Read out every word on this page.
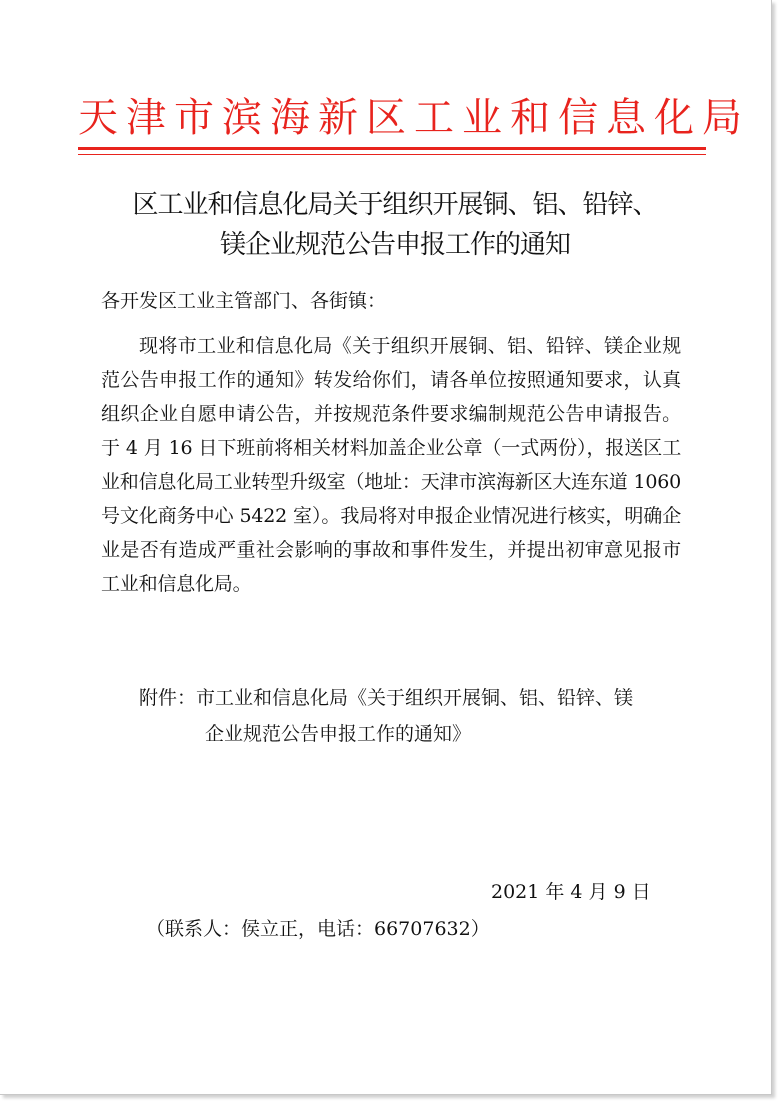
天津市滨海新区工业和信息化局
区工业和信息化局关于组织开展铜、铝、铅锌、
镁企业规范公告申报工作的通知
各开发区工业主管部门、各街镇：
现将市工业和信息化局《关于组织开展铜、铝、铅锌、镁企业规范公告申报工作的通知》转发给你们，请各单位按照通知要求，认真组织企业自愿申请公告，并按规范条件要求编制规范公告申请报告。于 4 月 16 日下班前将相关材料加盖企业公章（一式两份），报送区工业和信息化局工业转型升级室（地址：天津市滨海新区大连东道 1060 号文化商务中心 5422 室）。我局将对申报企业情况进行核实，明确企业是否有造成严重社会影响的事故和事件发生，并提出初审意见报市工业和信息化局。
附件：市工业和信息化局《关于组织开展铜、铝、铅锌、镁
企业规范公告申报工作的通知》
2021 年 4 月 9 日
（联系人：侯立正，电话：66707632）
